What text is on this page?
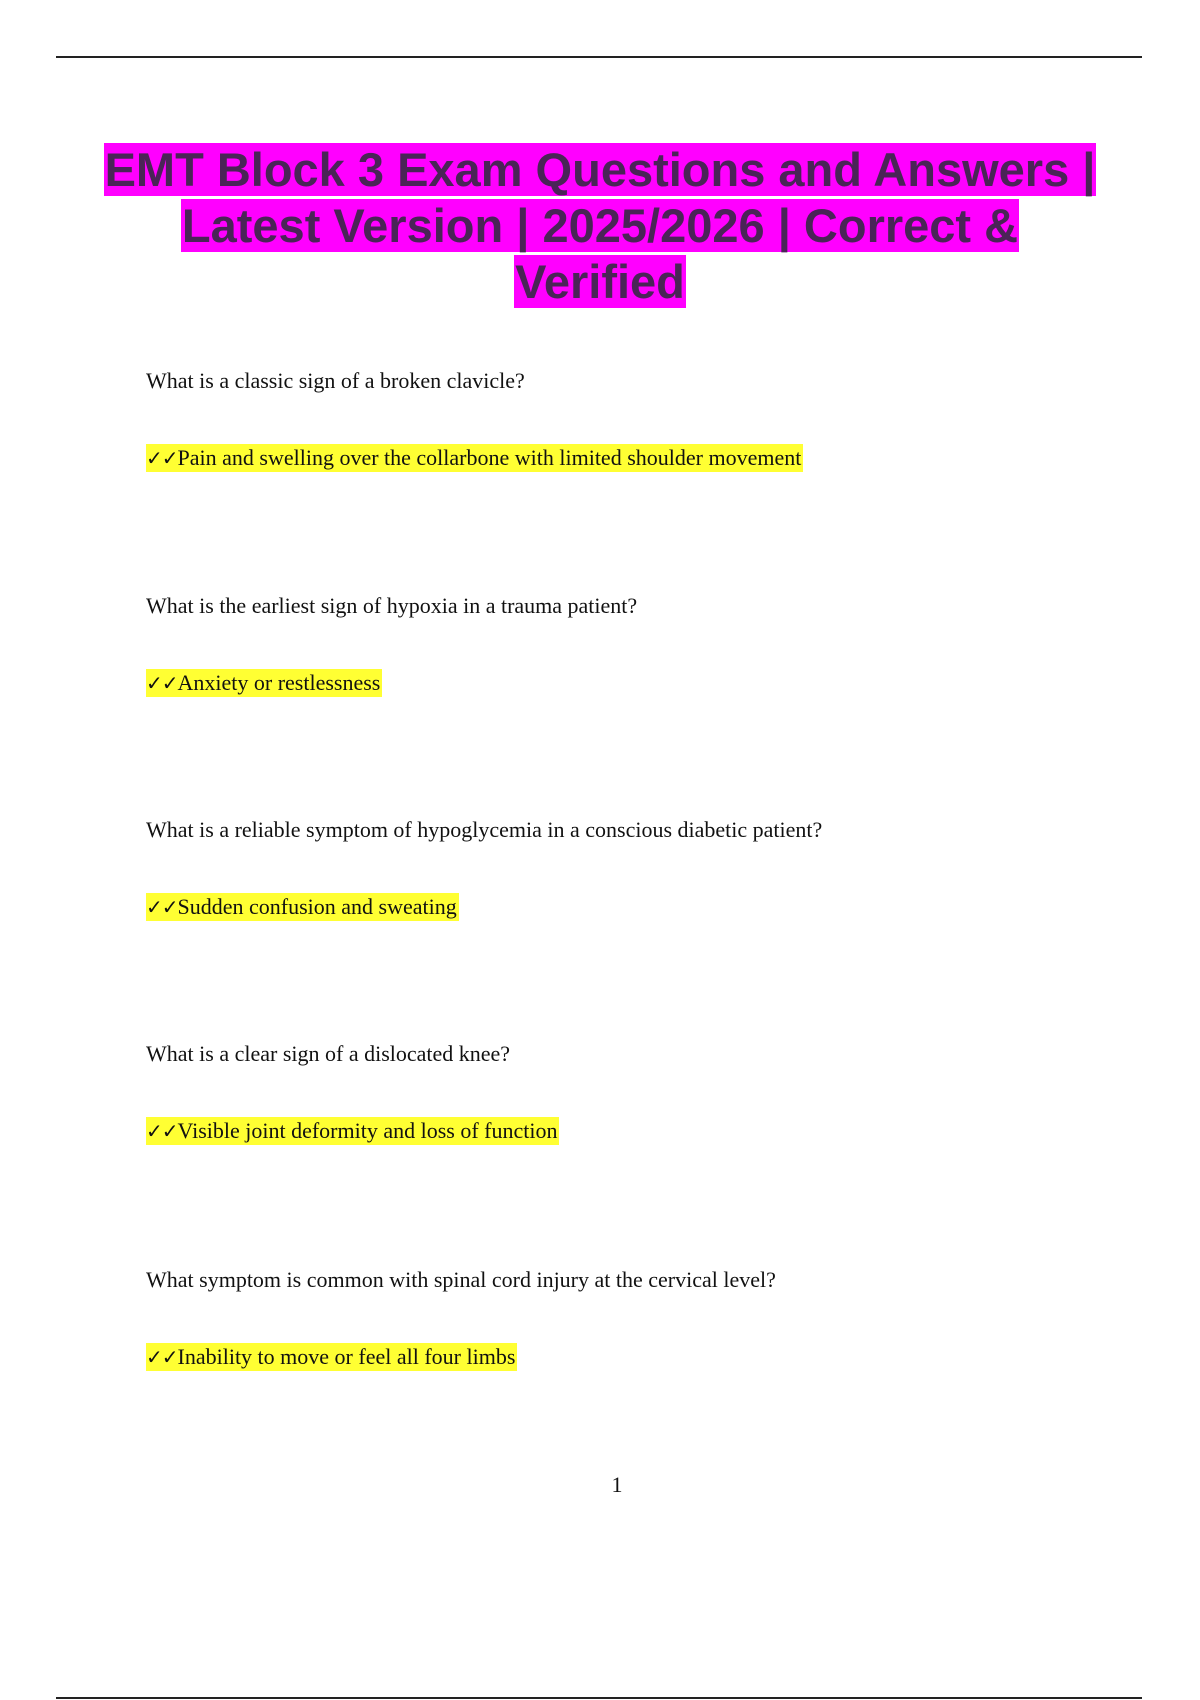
EMT Block 3 Exam Questions and Answers | Latest Version | 2025/2026 | Correct & Verified

What is a classic sign of a broken clavicle?

✓✓Pain and swelling over the collarbone with limited shoulder movement

What is the earliest sign of hypoxia in a trauma patient?

✓✓Anxiety or restlessness

What is a reliable symptom of hypoglycemia in a conscious diabetic patient?

✓✓Sudden confusion and sweating

What is a clear sign of a dislocated knee?

✓✓Visible joint deformity and loss of function

What symptom is common with spinal cord injury at the cervical level?

✓✓Inability to move or feel all four limbs
1
